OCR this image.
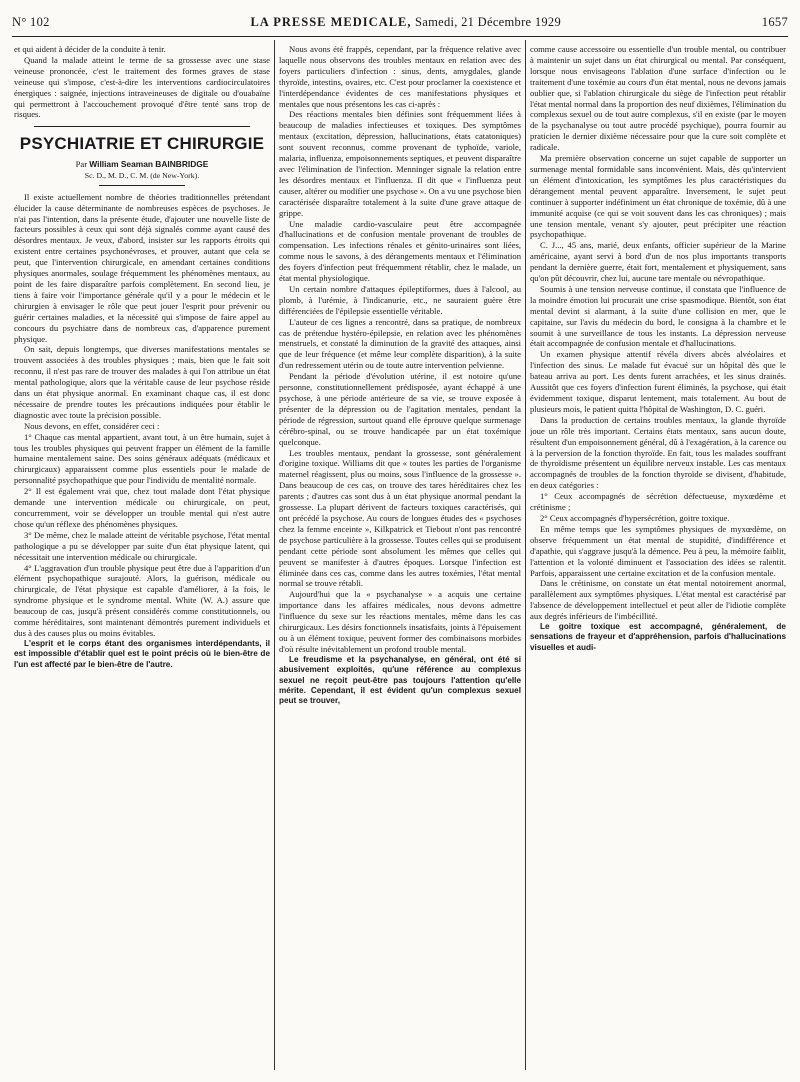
N° 102	LA PRESSE MEDICALE, Samedi, 21 Décembre 1929	1657

et qui aident à décider de la conduite à tenir.

Quand la malade atteint le terme de sa grossesse avec une stase veineuse prononcée, c'est le traitement des formes graves de stase veineuse qui s'impose, c'est-à-dire les interventions cardiocirculatoires énergiques : saignée, injections intraveineuses de digitale ou d'ouabaïne qui permettront à l'accouchement provoqué d'être tenté sans trop de risques.

PSYCHIATRIE ET CHIRURGIE
Par William Seaman BAINBRIDGE
Sc. D., M. D., C. M. (de New-York).

Il existe actuellement nombre de théories traditionnelles prétendant élucider la cause déterminante de nombreuses espèces de psychoses. Je n'ai pas l'intention, dans la présente étude, d'ajouter une nouvelle liste de facteurs possibles à ceux qui sont déjà signalés comme ayant causé des désordres mentaux. Je veux, d'abord, insister sur les rapports étroits qui existent entre certaines psychonévroses, et prouver, autant que cela se peut, que l'intervention chirurgicale, en amendant certaines conditions physiques anormales, soulage fréquemment les phénomènes mentaux, au point de les faire disparaître parfois complètement. En second lieu, je tiens à faire voir l'importance générale qu'il y a pour le médecin et le chirurgien à envisager le rôle que peut jouer l'esprit pour prévenir ou guérir certaines maladies, et la nécessité qui s'impose de faire appel au concours du psychiatre dans de nombreux cas, d'apparence purement physique.

On sait, depuis longtemps, que diverses manifestations mentales se trouvent associées à des troubles physiques ; mais, bien que le fait soit reconnu, il n'est pas rare de trouver des malades à qui l'on attribue un état mental pathologique, alors que la véritable cause de leur psychose réside dans un état physique anormal. En examinant chaque cas, il est donc nécessaire de prendre toutes les précautions indiquées pour établir le diagnostic avec toute la précision possible.

Nous devons, en effet, considérer ceci :

1° Chaque cas mental appartient, avant tout, à un être humain, sujet à tous les troubles physiques qui peuvent frapper un élément de la famille humaine mentalement saine. Des soins généraux adéquats (médicaux et chirurgicaux) apparaissent comme plus essentiels pour le malade de personnalité psychopathique que pour l'individu de mentalité normale.

2° Il est également vrai que, chez tout malade dont l'état physique demande une intervention médicale ou chirurgicale, on peut, concurremment, voir se développer un trouble mental qui n'est autre chose qu'un réflexe des phénomènes physiques.

3° De même, chez le malade atteint de véritable psychose, l'état mental pathologique a pu se développer par suite d'un état physique latent, qui nécessitait une intervention médicale ou chirurgicale.

4° L'aggravation d'un trouble physique peut être due à l'apparition d'un élément psychopathique surajouté. Alors, la guérison, médicale ou chirurgicale, de l'état physique est capable d'améliorer, à la fois, le syndrome physique et le syndrome mental. White (W. A.) assure que beaucoup de cas, jusqu'à présent considérés comme constitutionnels, ou comme héréditaires, sont maintenant démontrés purement individuels et dus à des causes plus ou moins évitables.

L'esprit et le corps étant des organismes interdépendants, il est impossible d'établir quel est le point précis où le bien-être de l'un est affecté par le bien-être de l'autre.

Nous avons été frappés, cependant, par la fréquence relative avec laquelle nous observons des troubles mentaux en relation avec des foyers particuliers d'infection : sinus, dents, amygdales, glande thyroïde, intestins, ovaires, etc. C'est pour proclamer la coexistence et l'interdépendance évidentes de ces manifestations physiques et mentales que nous présentons les cas ci-après :

Des réactions mentales bien définies sont fréquemment liées à beaucoup de maladies infectieuses et toxiques. Des symptômes mentaux (excitation, dépression, hallucinations, états catatoniques) sont souvent reconnus, comme provenant de typhoïde, variole, malaria, influenza, empoisonnements septiques, et peuvent disparaître avec l'élimination de l'infection. Menninger signale la relation entre les désordres mentaux et l'influenza. Il dit que « l'influenza peut causer, altérer ou modifier une psychose ». On a vu une psychose bien caractérisée disparaître totalement à la suite d'une grave attaque de grippe.

Une maladie cardio-vasculaire peut être accompagnée d'hallucinations et de confusion mentale provenant de troubles de compensation. Les infections rénales et génito-urinaires sont liées, comme nous le savons, à des dérangements mentaux et l'élimination des foyers d'infection peut fréquemment rétablir, chez le malade, un état mental physiologique.

Un certain nombre d'attaques épileptiformes, dues à l'alcool, au plomb, à l'urémie, à l'indicanurie, etc., ne sauraient guère être différenciées de l'épilepsie essentielle véritable.

L'auteur de ces lignes a rencontré, dans sa pratique, de nombreux cas de prétendue hystéro-épilepsie, en relation avec les phénomènes menstruels, et constaté la diminution de la gravité des attaques, ainsi que de leur fréquence (et même leur complète disparition), à la suite d'un redressement utérin ou de toute autre intervention pelvienne.

Pendant la période d'évolution utérine, il est notoire qu'une personne, constitutionnellement prédisposée, ayant échappé à une psychose, à une période antérieure de sa vie, se trouve exposée à présenter de la dépression ou de l'agitation mentales, pendant la période de régression, surtout quand elle éprouve quelque surmenage cérébro-spinal, ou se trouve handicapée par un état toxémique quelconque.

Les troubles mentaux, pendant la grossesse, sont généralement d'origine toxique. Williams dit que « toutes les parties de l'organisme maternel réagissent, plus ou moins, sous l'influence de la grossesse ». Dans beaucoup de ces cas, on trouve des tares héréditaires chez les parents ; d'autres cas sont dus à un état physique anormal pendant la grossesse. La plupart dérivent de facteurs toxiques caractérisés, qui ont précédé la psychose. Au cours de longues études des « psychoses chez la femme enceinte », Kilkpatrick et Tiebout n'ont pas rencontré de psychose particulière à la grossesse. Toutes celles qui se produisent pendant cette période sont absolument les mêmes que celles qui peuvent se manifester à d'autres époques. Lorsque l'infection est éliminée dans ces cas, comme dans les autres toxémies, l'état mental normal se trouve rétabli.

Aujourd'hui que la « psychanalyse » a acquis une certaine importance dans les affaires médicales, nous devons admettre l'influence du sexe sur les réactions mentales, même dans les cas chirurgicaux. Les désirs fonctionnels insatisfaits, joints à l'épuisement ou à un élément toxique, peuvent former des combinaisons morbides d'où résulte inévitablement un profond trouble mental.

Le freudisme et la psychanalyse, en général, ont été si abusivement exploités, qu'une référence au complexus sexuel ne reçoit peut-être pas toujours l'attention qu'elle mérite. Cependant, il est évident qu'un complexus sexuel peut se trouver,

comme cause accessoire ou essentielle d'un trouble mental, ou contribuer à maintenir un sujet dans un état chirurgical ou mental. Par conséquent, lorsque nous envisageons l'ablation d'une surface d'infection ou le traitement d'une toxémie au cours d'un état mental, nous ne devons jamais oublier que, si l'ablation chirurgicale du siège de l'infection peut rétablir l'état mental normal dans la proportion des neuf dixièmes, l'élimination du complexus sexuel ou de tout autre complexus, s'il en existe (par le moyen de la psychanalyse ou tout autre procédé psychique), pourra fournir au praticien le dernier dixième nécessaire pour que la cure soit complète et radicale.

Ma première observation concerne un sujet capable de supporter un surmenage mental formidable sans inconvénient. Mais, dès qu'intervient un élément d'intoxication, les symptômes les plus caractéristiques du dérangement mental peuvent apparaître. Inversement, le sujet peut continuer à supporter indéfiniment un état chronique de toxémie, dû à une immunité acquise (ce qui se voit souvent dans les cas chroniques) ; mais une tension mentale, venant s'y ajouter, peut précipiter une réaction psychopathique.

C. J..., 45 ans, marié, deux enfants, officier supérieur de la Marine américaine, ayant servi à bord d'un de nos plus importants transports pendant la dernière guerre, était fort, mentalement et physiquement, sans qu'on pût découvrir, chez lui, aucune tare mentale ou névropathique.

Soumis à une tension nerveuse continue, il constata que l'influence de la moindre émotion lui procurait une crise spasmodique. Bientôt, son état mental devint si alarmant, à la suite d'une collision en mer, que le capitaine, sur l'avis du médecin du bord, le consigna à la chambre et le soumit à une surveillance de tous les instants. La dépression nerveuse était accompagnée de confusion mentale et d'hallucinations.

Un examen physique attentif révéla divers abcès alvéolaires et l'infection des sinus. Le malade fut évacué sur un hôpital dès que le bateau arriva au port. Les dents furent arrachées, et les sinus drainés. Aussitôt que ces foyers d'infection furent éliminés, la psychose, qui était évidemment toxique, disparut lentement, mais totalement. Au bout de plusieurs mois, le patient quitta l'hôpital de Washington, D. C. guéri.

Dans la production de certains troubles mentaux, la glande thyroïde joue un rôle très important. Certains états mentaux, sans aucun doute, résultent d'un empoisonnement général, dû à l'exagération, à la carence ou à la perversion de la fonction thyroïde. En fait, tous les malades souffrant de thyroïdisme présentent un équilibre nerveux instable. Les cas mentaux accompagnés de troubles de la fonction thyroïde se divisent, d'habitude, en deux catégories :

1° Ceux accompagnés de sécrétion défectueuse, myxœdème et crétinisme ;

2° Ceux accompagnés d'hypersécrétion, goitre toxique.

En même temps que les symptômes physiques de myxœdème, on observe fréquemment un état mental de stupidité, d'indifférence et d'apathie, qui s'aggrave jusqu'à la démence. Peu à peu, la mémoire faiblit, l'attention et la volonté diminuent et l'association des idées se ralentit. Parfois, apparaissent une certaine excitation et de la confusion mentale.

Dans le crétinisme, on constate un état mental notoirement anormal, parallèlement aux symptômes physiques. L'état mental est caractérisé par l'absence de développement intellectuel et peut aller de l'idiotie complète aux degrés inférieurs de l'imbécillité.

Le goitre toxique est accompagné, généralement, de sensations de frayeur et d'appréhension, parfois d'hallucinations visuelles et audi-
